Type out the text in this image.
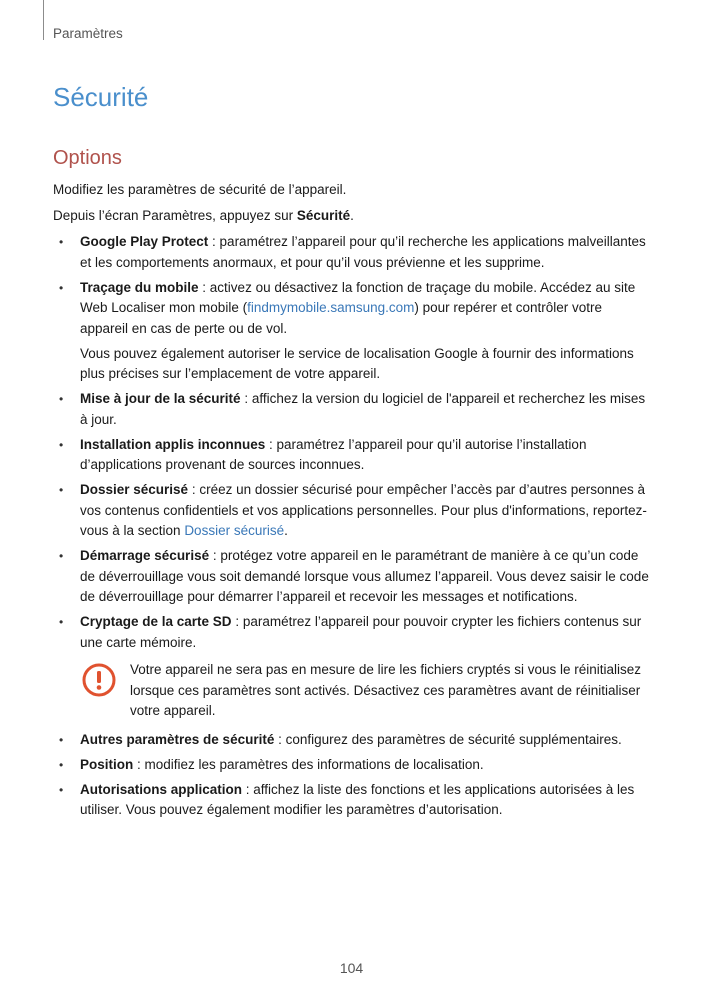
Paramètres
Sécurité
Options

Modifiez les paramètres de sécurité de l’appareil.

Depuis l’écran Paramètres, appuyez sur Sécurité.

• Google Play Protect : paramétrez l’appareil pour qu’il recherche les applications malveillantes et les comportements anormaux, et pour qu’il vous prévienne et les supprime.
• Traçage du mobile : activez ou désactivez la fonction de traçage du mobile. Accédez au site Web Localiser mon mobile (findmymobile.samsung.com) pour repérer et contrôler votre appareil en cas de perte ou de vol.
Vous pouvez également autoriser le service de localisation Google à fournir des informations plus précises sur l’emplacement de votre appareil.
• Mise à jour de la sécurité : affichez la version du logiciel de l'appareil et recherchez les mises à jour.
• Installation applis inconnues : paramétrez l’appareil pour qu’il autorise l’installation d’applications provenant de sources inconnues.
• Dossier sécurisé : créez un dossier sécurisé pour empêcher l’accès par d’autres personnes à vos contenus confidentiels et vos applications personnelles. Pour plus d'informations, reportez-vous à la section Dossier sécurisé.
• Démarrage sécurisé : protégez votre appareil en le paramétrant de manière à ce qu’un code de déverrouillage vous soit demandé lorsque vous allumez l’appareil. Vous devez saisir le code de déverrouillage pour démarrer l’appareil et recevoir les messages et notifications.
• Cryptage de la carte SD : paramétrez l’appareil pour pouvoir crypter les fichiers contenus sur une carte mémoire.
Votre appareil ne sera pas en mesure de lire les fichiers cryptés si vous le réinitialisez lorsque ces paramètres sont activés. Désactivez ces paramètres avant de réinitialiser votre appareil.
• Autres paramètres de sécurité : configurez des paramètres de sécurité supplémentaires.
• Position : modifiez les paramètres des informations de localisation.
• Autorisations application : affichez la liste des fonctions et les applications autorisées à les utiliser. Vous pouvez également modifier les paramètres d’autorisation.
104
